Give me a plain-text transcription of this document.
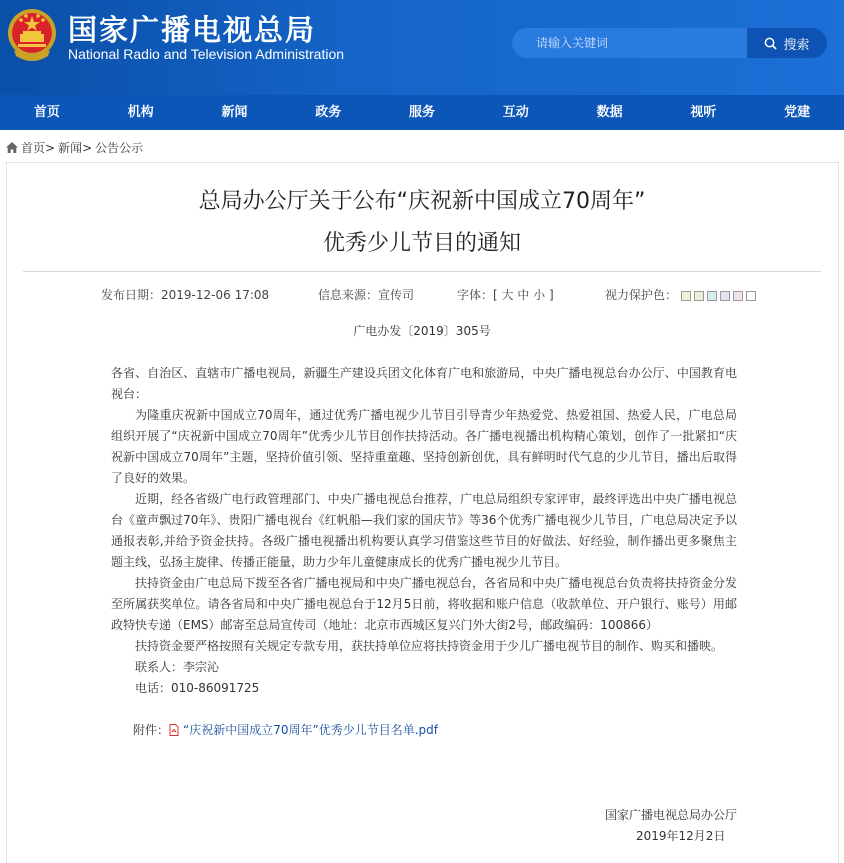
国家广播电视总局
National Radio and Television Administration
请输入关键词
搜索
首页	机构	新闻	政务	服务	互动	数据	视听	党建
首页> 新闻> 公告公示
总局办公厅关于公布“庆祝新中国成立70周年”
优秀少儿节目的通知
发布日期：2019-12-06 17:08	信息来源：宣传司	字体：[ 大 中 小 ]	视力保护色：
广电办发〔2019〕305号

各省、自治区、直辖市广播电视局，新疆生产建设兵团文化体育广电和旅游局，中央广播电视总台办公厅、中国教育电视台：

为隆重庆祝新中国成立70周年，通过优秀广播电视少儿节目引导青少年热爱党、热爱祖国、热爱人民，广电总局组织开展了“庆祝新中国成立70周年”优秀少儿节目创作扶持活动。各广播电视播出机构精心策划，创作了一批紧扣“庆祝新中国成立70周年”主题，坚持价值引领、坚持重童趣、坚持创新创优，具有鲜明时代气息的少儿节目，播出后取得了良好的效果。

近期，经各省级广电行政管理部门、中央广播电视总台推荐，广电总局组织专家评审，最终评选出中央广播电视总台《童声飘过70年》、贵阳广播电视台《红帆船—我们家的国庆节》等36个优秀广播电视少儿节目，广电总局决定予以通报表彰,并给予资金扶持。各级广播电视播出机构要认真学习借鉴这些节目的好做法、好经验，制作播出更多聚焦主题主线，弘扬主旋律、传播正能量，助力少年儿童健康成长的优秀广播电视少儿节目。

扶持资金由广电总局下拨至各省广播电视局和中央广播电视总台，各省局和中央广播电视总台负责将扶持资金分发至所属获奖单位。请各省局和中央广播电视总台于12月5日前，将收据和账户信息（收款单位、开户银行、账号）用邮政特快专递（EMS）邮寄至总局宣传司（地址：北京市西城区复兴门外大街2号，邮政编码：100866）

扶持资金要严格按照有关规定专款专用，获扶持单位应将扶持资金用于少儿广播电视节目的制作、购买和播映。

联系人：李宗沁

电话：010-86091725

附件： “庆祝新中国成立70周年”优秀少儿节目名单.pdf
国家广播电视总局办公厅
2019年12月2日
